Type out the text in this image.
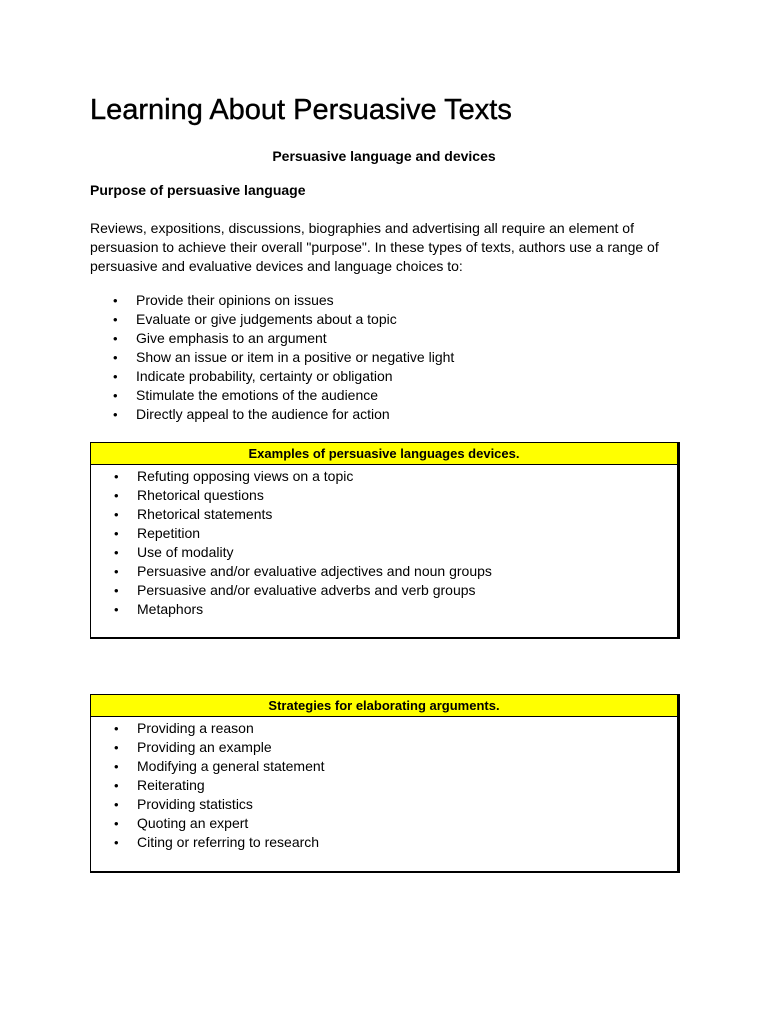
Learning About Persuasive Texts
Persuasive language and devices
Purpose of persuasive language

Reviews, expositions, discussions, biographies and advertising all require an element of persuasion to achieve their overall "purpose". In these types of texts, authors use a range of persuasive and evaluative devices and language choices to:

• Provide their opinions on issues
• Evaluate or give judgements about a topic
• Give emphasis to an argument
• Show an issue or item in a positive or negative light
• Indicate probability, certainty or obligation
• Stimulate the emotions of the audience
• Directly appeal to the audience for action
Examples of persuasive languages devices.
• Refuting opposing views on a topic
• Rhetorical questions
• Rhetorical statements
• Repetition
• Use of modality
• Persuasive and/or evaluative adjectives and noun groups
• Persuasive and/or evaluative adverbs and verb groups
• Metaphors
Strategies for elaborating arguments.
• Providing a reason
• Providing an example
• Modifying a general statement
• Reiterating
• Providing statistics
• Quoting an expert
• Citing or referring to research
